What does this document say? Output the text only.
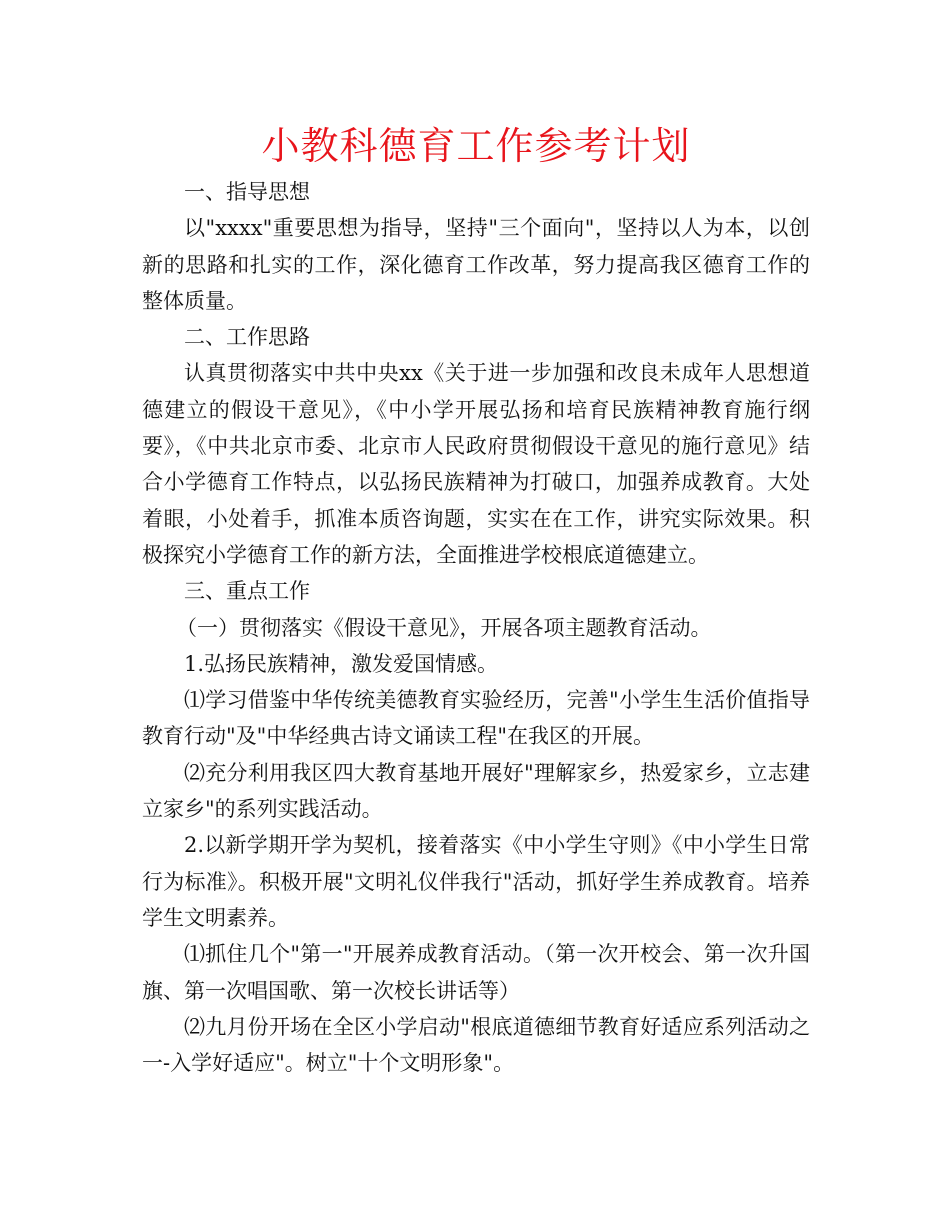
小教科德育工作参考计划

一、指导思想

以"xxxx"重要思想为指导，坚持"三个面向"，坚持以人为本，以创新的思路和扎实的工作，深化德育工作改革，努力提高我区德育工作的整体质量。

二、工作思路

认真贯彻落实中共中央xx《关于进一步加强和改良未成年人思想道德建立的假设干意见》，《中小学开展弘扬和培育民族精神教育施行纲要》，《中共北京市委、北京市人民政府贯彻假设干意见的施行意见》结合小学德育工作特点，以弘扬民族精神为打破口，加强养成教育。大处着眼，小处着手，抓准本质咨询题，实实在在工作，讲究实际效果。积极探究小学德育工作的新方法，全面推进学校根底道德建立。

三、重点工作

（一）贯彻落实《假设干意见》，开展各项主题教育活动。

1.弘扬民族精神，激发爱国情感。

⑴学习借鉴中华传统美德教育实验经历，完善"小学生生活价值指导教育行动"及"中华经典古诗文诵读工程"在我区的开展。

⑵充分利用我区四大教育基地开展好"理解家乡，热爱家乡，立志建立家乡"的系列实践活动。

2.以新学期开学为契机，接着落实《中小学生守则》《中小学生日常行为标准》。积极开展"文明礼仪伴我行"活动，抓好学生养成教育。培养学生文明素养。

⑴抓住几个"第一"开展养成教育活动。（第一次开校会、第一次升国旗、第一次唱国歌、第一次校长讲话等）

⑵九月份开场在全区小学启动"根底道德细节教育好适应系列活动之一-入学好适应"。树立"十个文明形象"。
